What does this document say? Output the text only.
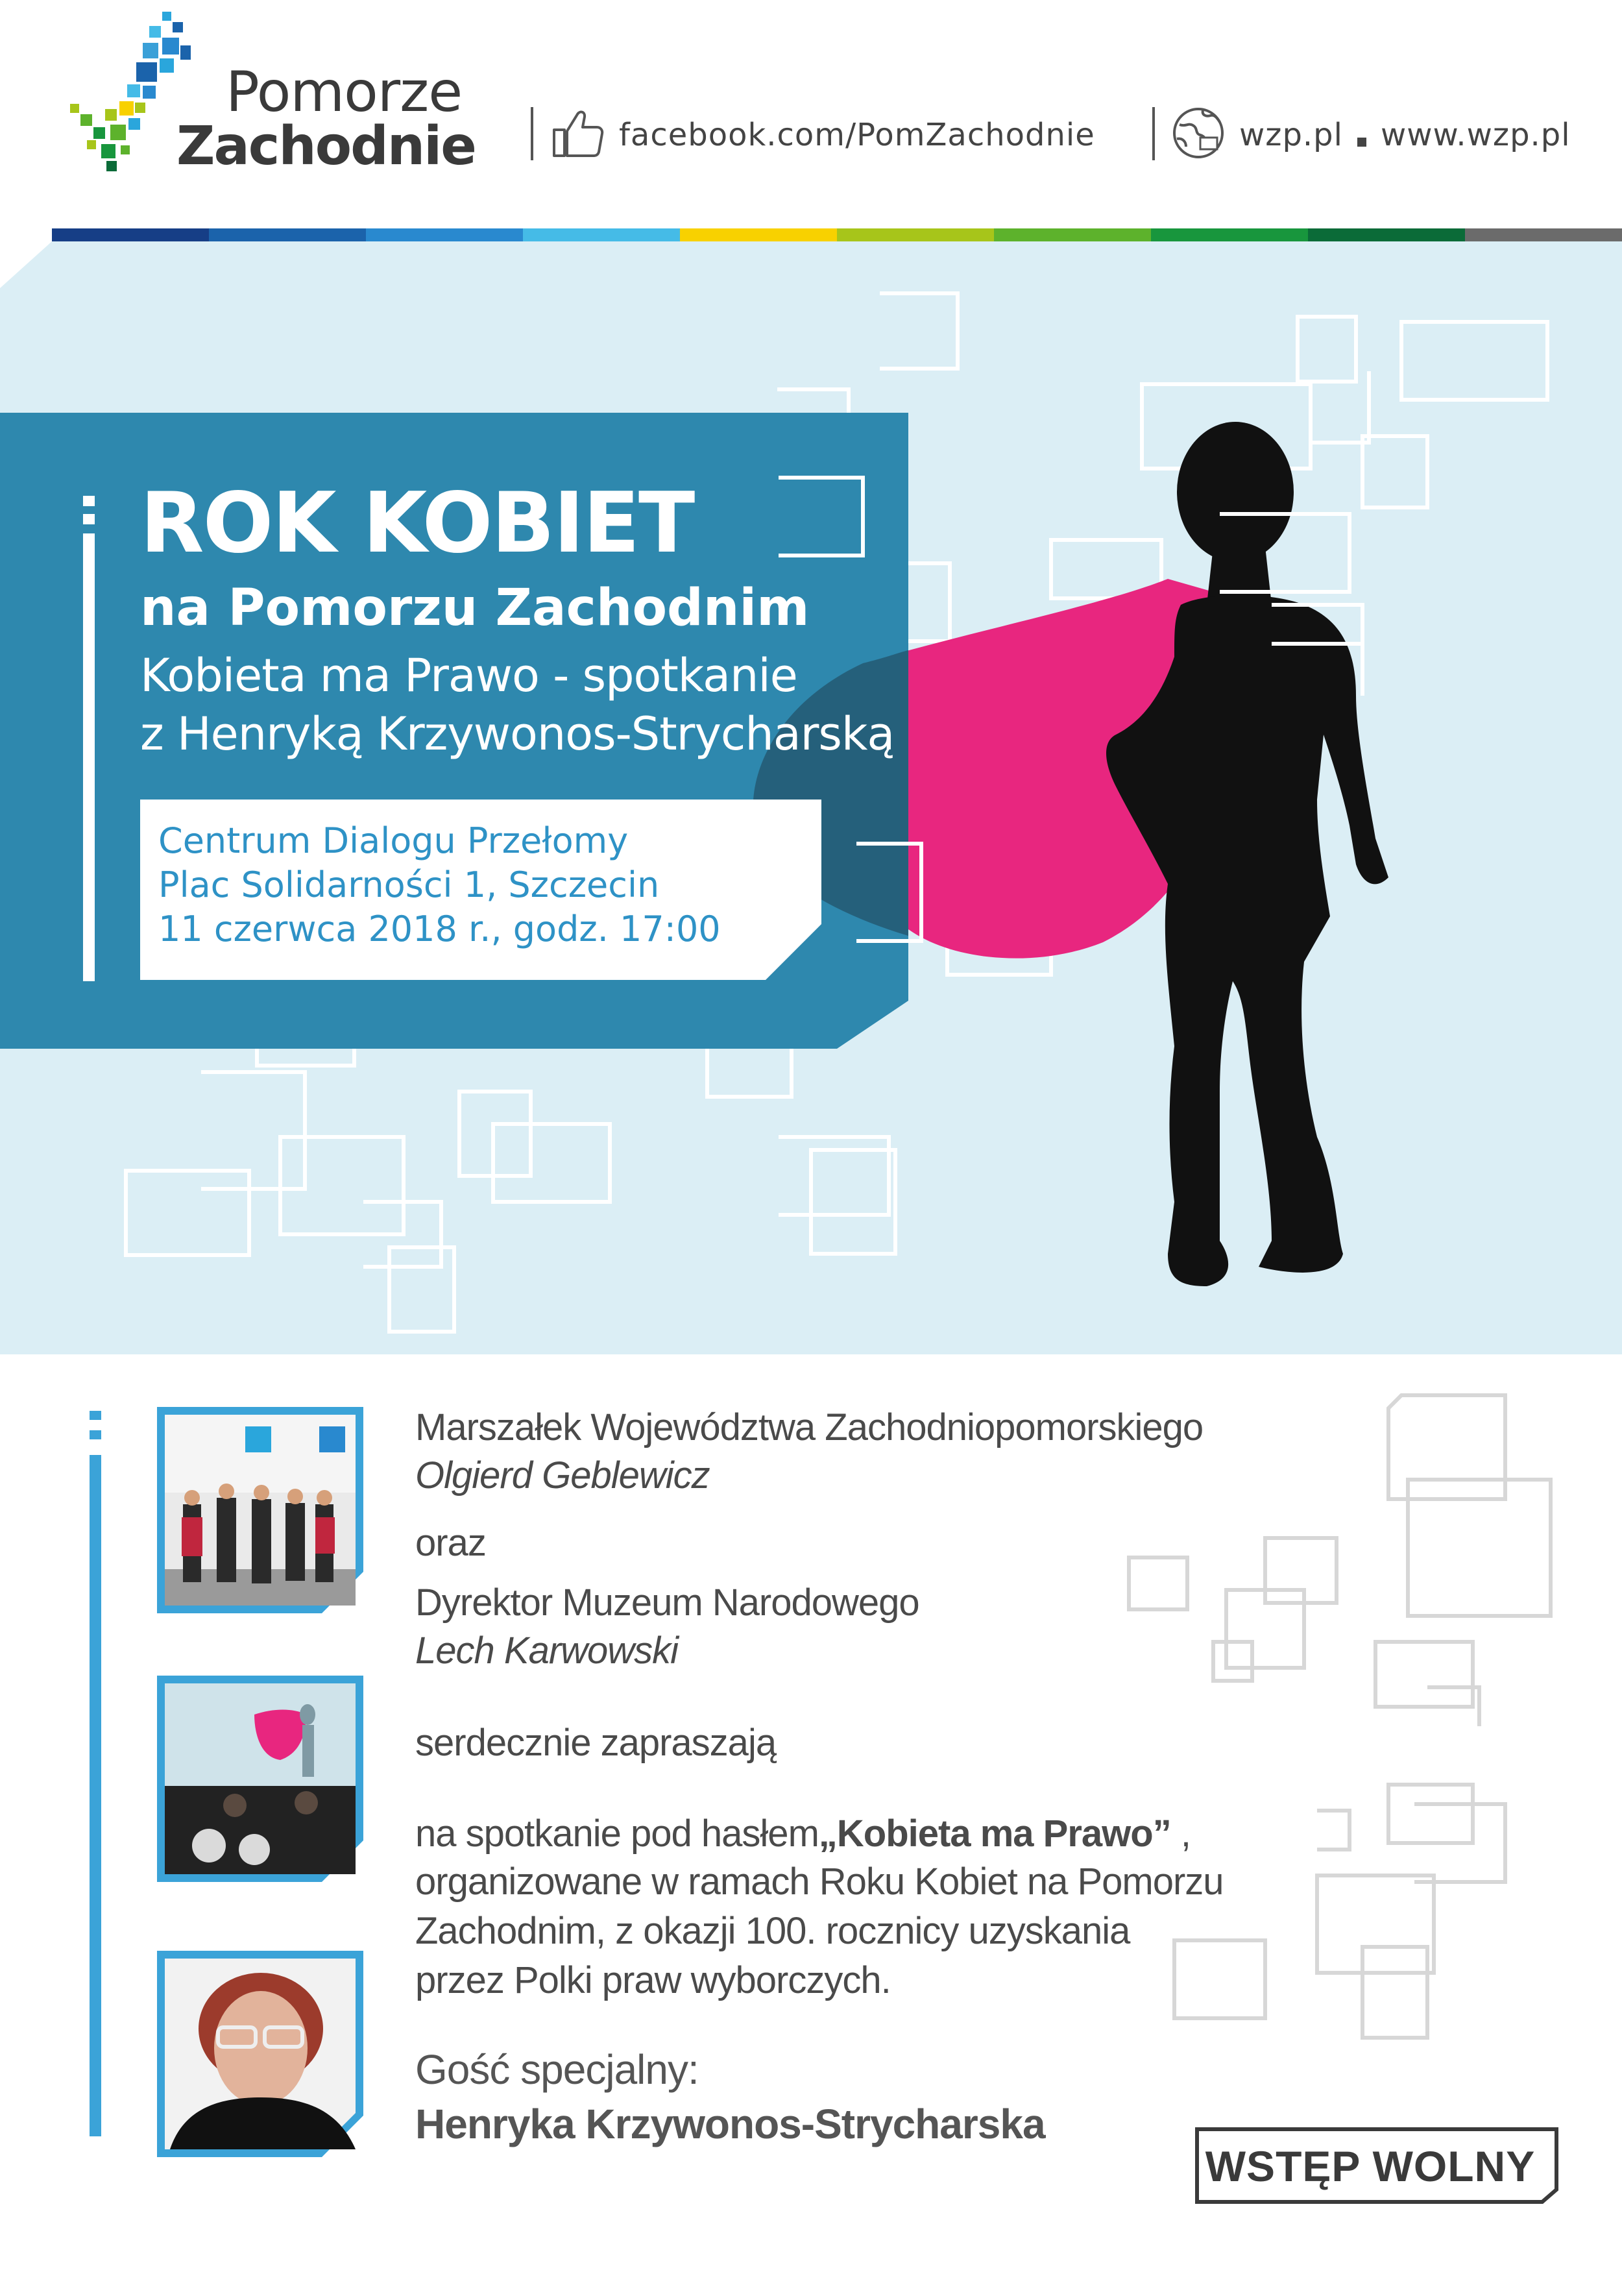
Pomorze
Zachodnie	facebook.com/PomZachodnie	wzp.pl www.wzp.pl
ROK KOBIET
na Pomorzu Zachodnim
Kobieta ma Prawo - spotkanie
z Henryką Krzywonos-Strycharską
Centrum Dialogu Przełomy
Plac Solidarności 1, Szczecin
11 czerwca 2018 r., godz. 17:00
Marszałek Województwa Zachodniopomorskiego
Olgierd Geblewicz
oraz
Dyrektor Muzeum Narodowego
Lech Karwowski
serdecznie zapraszają
na spotkanie pod hasłem„Kobieta ma Prawo” ,
organizowane w ramach Roku Kobiet na Pomorzu
Zachodnim, z okazji 100. rocznicy uzyskania
przez Polki praw wyborczych.
Gość specjalny:
Henryka Krzywonos-Strycharska
WSTĘP WOLNY
